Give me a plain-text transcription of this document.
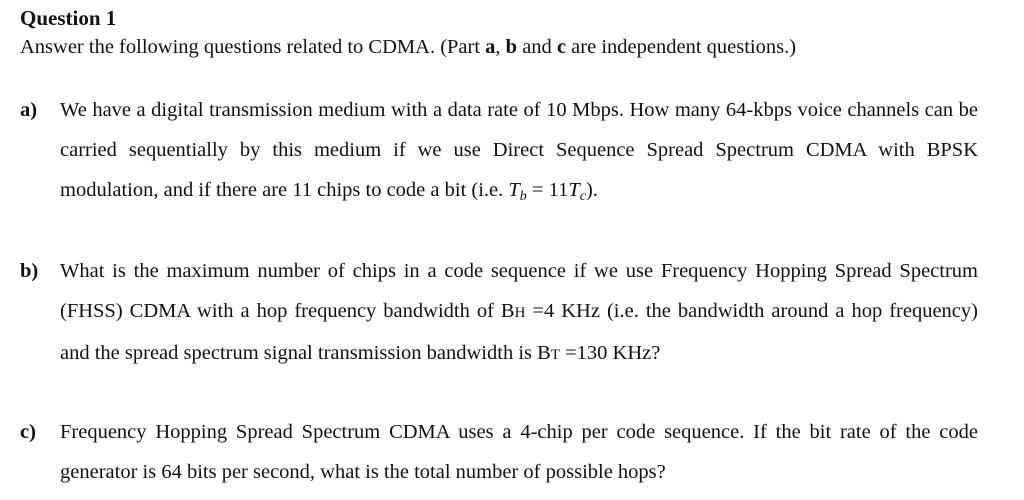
Question 1
Answer the following questions related to CDMA. (Part a, b and c are independent questions.)
a) We have a digital transmission medium with a data rate of 10 Mbps. How many 64-kbps voice channels can be carried sequentially by this medium if we use Direct Sequence Spread Spectrum CDMA with BPSK modulation, and if there are 11 chips to code a bit (i.e. Tb = 11Tc).
b) What is the maximum number of chips in a code sequence if we use Frequency Hopping Spread Spectrum (FHSS) CDMA with a hop frequency bandwidth of BH =4 KHz (i.e. the bandwidth around a hop frequency) and the spread spectrum signal transmission bandwidth is BT =130 KHz?
c) Frequency Hopping Spread Spectrum CDMA uses a 4-chip per code sequence. If the bit rate of the code generator is 64 bits per second, what is the total number of possible hops?
